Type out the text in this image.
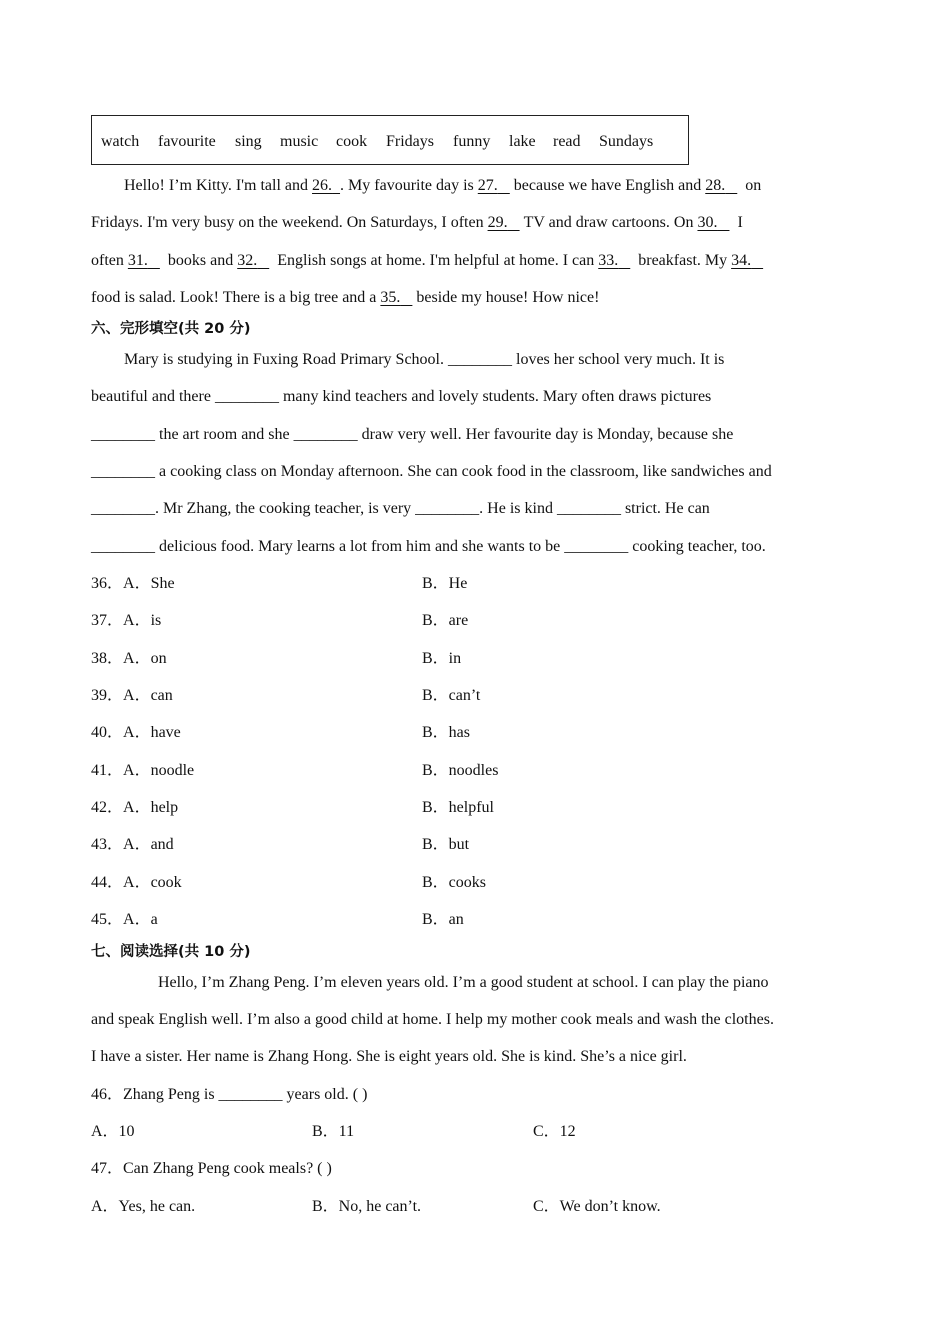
watch favourite sing music cook Fridays funny lake read Sundays
Hello! I’m Kitty. I'm tall and 26. . My favourite day is 27. because we have English and 28. on
Fridays. I'm very busy on the weekend. On Saturdays, I often 29. TV and draw cartoons. On 30. I
often 31. books and 32. English songs at home. I'm helpful at home. I can 33. breakfast. My 34.
food is salad. Look! There is a big tree and a 35. beside my house! How nice!
六、完形填空(共 20 分)
Mary is studying in Fuxing Road Primary School. ________ loves her school very much. It is
beautiful and there ________ many kind teachers and lovely students. Mary often draws pictures
________ the art room and she ________ draw very well. Her favourite day is Monday, because she
________ a cooking class on Monday afternoon. She can cook food in the classroom, like sandwiches and
________. Mr Zhang, the cooking teacher, is very ________. He is kind ________ strict. He can
________ delicious food. Mary learns a lot from him and she wants to be ________ cooking teacher, too.
36．A．She	B．He
37．A．is	B．are
38．A．on	B．in
39．A．can	B．can’t
40．A．have	B．has
41．A．noodle	B．noodles
42．A．help	B．helpful
43．A．and	B．but
44．A．cook	B．cooks
45．A．a	B．an
七、阅读选择(共 10 分)
Hello, I’m Zhang Peng. I’m eleven years old. I’m a good student at school. I can play the piano
and speak English well. I’m also a good child at home. I help my mother cook meals and wash the clothes.
I have a sister. Her name is Zhang Hong. She is eight years old. She is kind. She’s a nice girl.
46．Zhang Peng is ________ years old. ( )
A．10	B．11	C．12
47．Can Zhang Peng cook meals? ( )
A．Yes, he can.	B．No, he can’t.	C．We don’t know.
